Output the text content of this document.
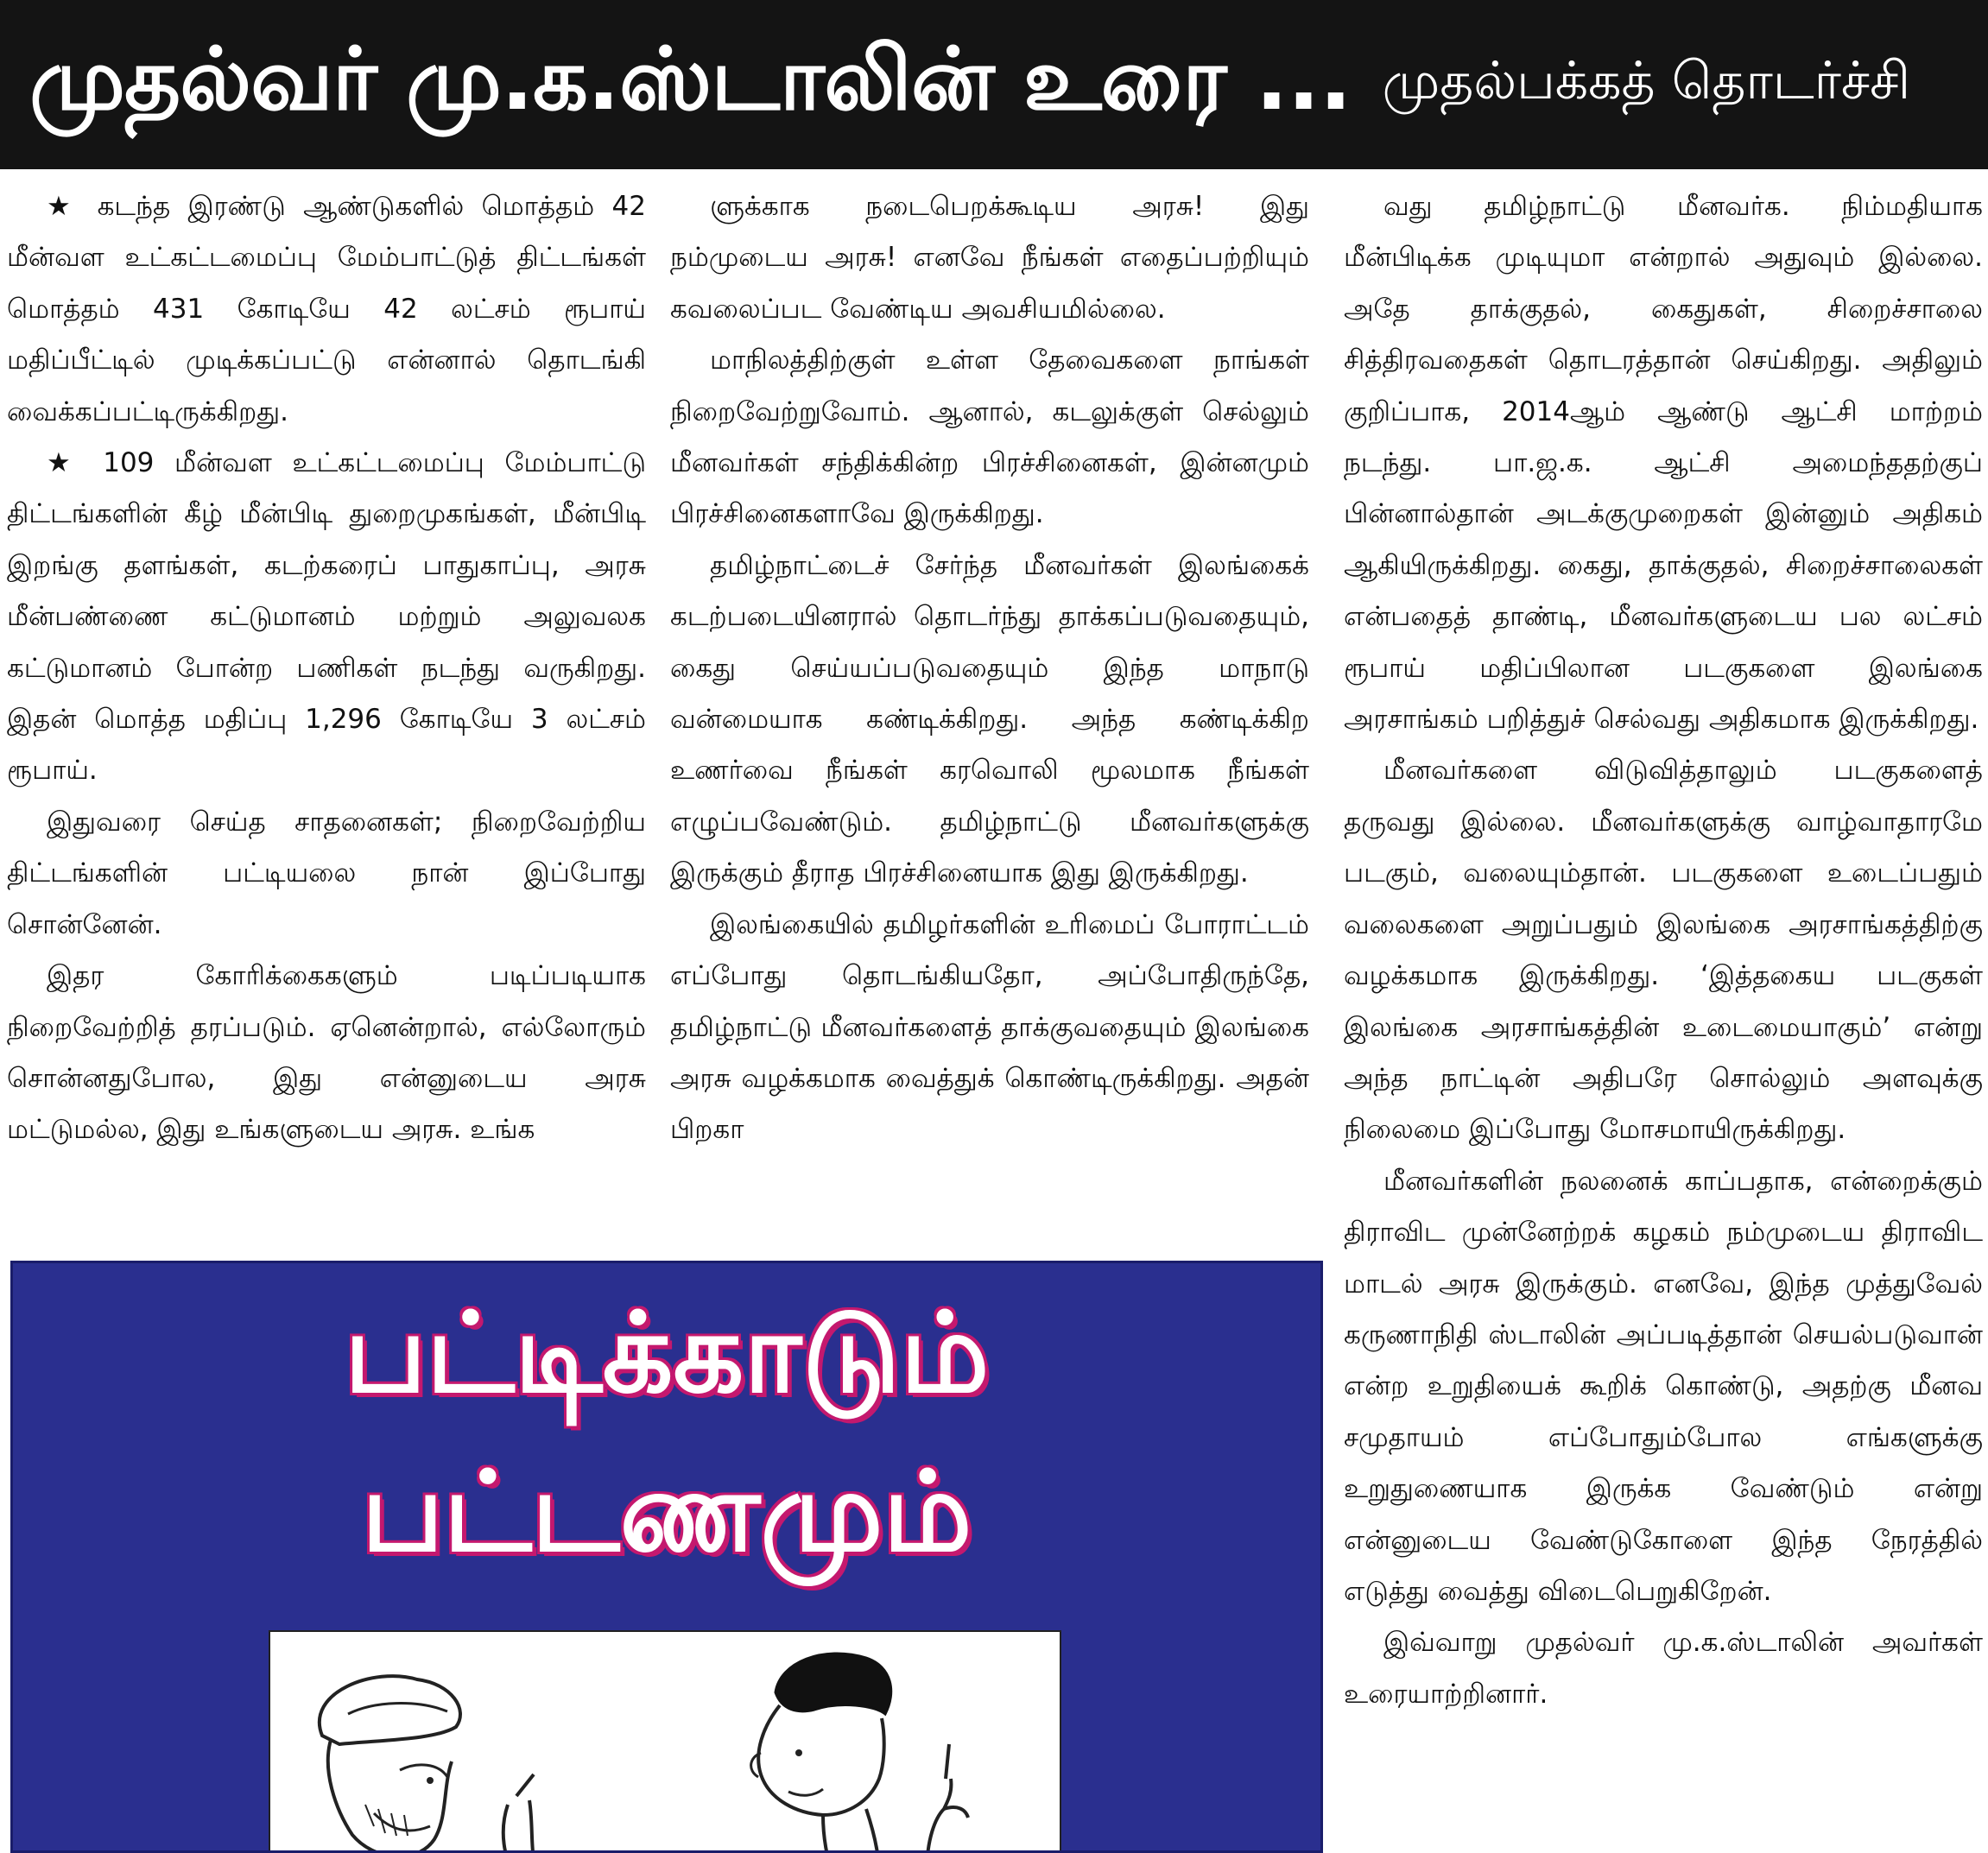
முதல்வர் மு.க.ஸ்டாலின் உரை ... முதல்பக்கத் தொடர்ச்சி

★ கடந்த இரண்டு ஆண்டுகளில் மொத்தம் 42 மீன்வள உட்கட்டமைப்பு மேம்பாட்டுத் திட்டங்கள் மொத்தம் 431 கோடியே 42 லட்சம் ரூபாய் மதிப்பீட்டில் முடிக்கப்பட்டு என்னால் தொடங்கி வைக்கப்பட்டிருக்கிறது.

★ 109 மீன்வள உட்கட்டமைப்பு மேம்பாட்டு திட்டங்களின் கீழ் மீன்பிடி துறைமுகங்கள், மீன்பிடி இறங்கு தளங்கள், கடற்கரைப் பாதுகாப்பு, அரசு மீன்பண்ணை கட்டுமானம் மற்றும் அலுவலக கட்டுமானம் போன்ற பணிகள் நடந்து வருகிறது. இதன் மொத்த மதிப்பு 1,296 கோடியே 3 லட்சம் ரூபாய்.

இதுவரை செய்த சாதனைகள்; நிறைவேற்றிய திட்டங்களின் பட்டியலை நான் இப்போது சொன்னேன்.

இதர கோரிக்கைகளும் படிப்படியாக நிறைவேற்றித் தரப்படும். ஏனென்றால், எல்லோரும் சொன்னதுபோல, இது என்னுடைய அரசு மட்டுமல்ல, இது உங்களுடைய அரசு. உங்க

ளுக்காக நடைபெறக்கூடிய அரசு! இது நம்முடைய அரசு! எனவே நீங்கள் எதைப்பற்றியும் கவலைப்பட வேண்டிய அவசியமில்லை.

மாநிலத்திற்குள் உள்ள தேவைகளை நாங்கள் நிறைவேற்றுவோம். ஆனால், கடலுக்குள் செல்லும் மீனவர்கள் சந்திக்கின்ற பிரச்சினைகள், இன்னமும் பிரச்சினைகளாவே இருக்கிறது.

தமிழ்நாட்டைச் சேர்ந்த மீனவர்கள் இலங்கைக் கடற்படையினரால் தொடர்ந்து தாக்கப்படுவதையும், கைது செய்யப்படுவதையும் இந்த மாநாடு வன்மையாக கண்டிக்கிறது. அந்த கண்டிக்கிற உணர்வை நீங்கள் கரவொலி மூலமாக நீங்கள் எழுப்பவேண்டும். தமிழ்நாட்டு மீனவர்களுக்கு இருக்கும் தீராத பிரச்சினையாக இது இருக்கிறது.

இலங்கையில் தமிழர்களின் உரிமைப் போராட்டம் எப்போது தொடங்கியதோ, அப்போதிருந்தே, தமிழ்நாட்டு மீனவர்களைத் தாக்குவதையும் இலங்கை அரசு வழக்கமாக வைத்துக் கொண்டிருக்கிறது. அதன் பிறகா

வது தமிழ்நாட்டு மீனவர்க. நிம்மதியாக மீன்பிடிக்க முடியுமா என்றால் அதுவும் இல்லை. அதே தாக்குதல், கைதுகள், சிறைச்சாலை சித்திரவதைகள் தொடரத்தான் செய்கிறது. அதிலும் குறிப்பாக, 2014ஆம் ஆண்டு ஆட்சி மாற்றம் நடந்து. பா.ஜ.க. ஆட்சி அமைந்ததற்குப் பின்னால்தான் அடக்குமுறைகள் இன்னும் அதிகம் ஆகியிருக்கிறது. கைது, தாக்குதல், சிறைச்சாலைகள் என்பதைத் தாண்டி, மீனவர்களுடைய பல லட்சம் ரூபாய் மதிப்பிலான படகுகளை இலங்கை அரசாங்கம் பறித்துச் செல்வது அதிகமாக இருக்கிறது.

மீனவர்களை விடுவித்தாலும் படகுகளைத் தருவது இல்லை. மீனவர்களுக்கு வாழ்வாதாரமே படகும், வலையும்தான். படகுகளை உடைப்பதும் வலைகளை அறுப்பதும் இலங்கை அரசாங்கத்திற்கு வழக்கமாக இருக்கிறது. ‘இத்தகைய படகுகள் இலங்கை அரசாங்கத்தின் உடைமையாகும்’ என்று அந்த நாட்டின் அதிபரே சொல்லும் அளவுக்கு நிலைமை இப்போது மோசமாயிருக்கிறது.

மீனவர்களின் நலனைக் காப்பதாக, என்றைக்கும் திராவிட முன்னேற்றக் கழகம் நம்முடைய திராவிட மாடல் அரசு இருக்கும். எனவே, இந்த முத்துவேல் கருணாநிதி ஸ்டாலின் அப்படித்தான் செயல்படுவான் என்ற உறுதியைக் கூறிக் கொண்டு, அதற்கு மீனவ சமுதாயம் எப்போதும்போல எங்களுக்கு உறுதுணையாக இருக்க வேண்டும் என்று என்னுடைய வேண்டுகோளை இந்த நேரத்தில் எடுத்து வைத்து விடைபெறுகிறேன்.

இவ்வாறு முதல்வர் மு.க.ஸ்டாலின் அவர்கள் உரையாற்றினார்.

பட்டிக்காடும்
பட்டணமும்
